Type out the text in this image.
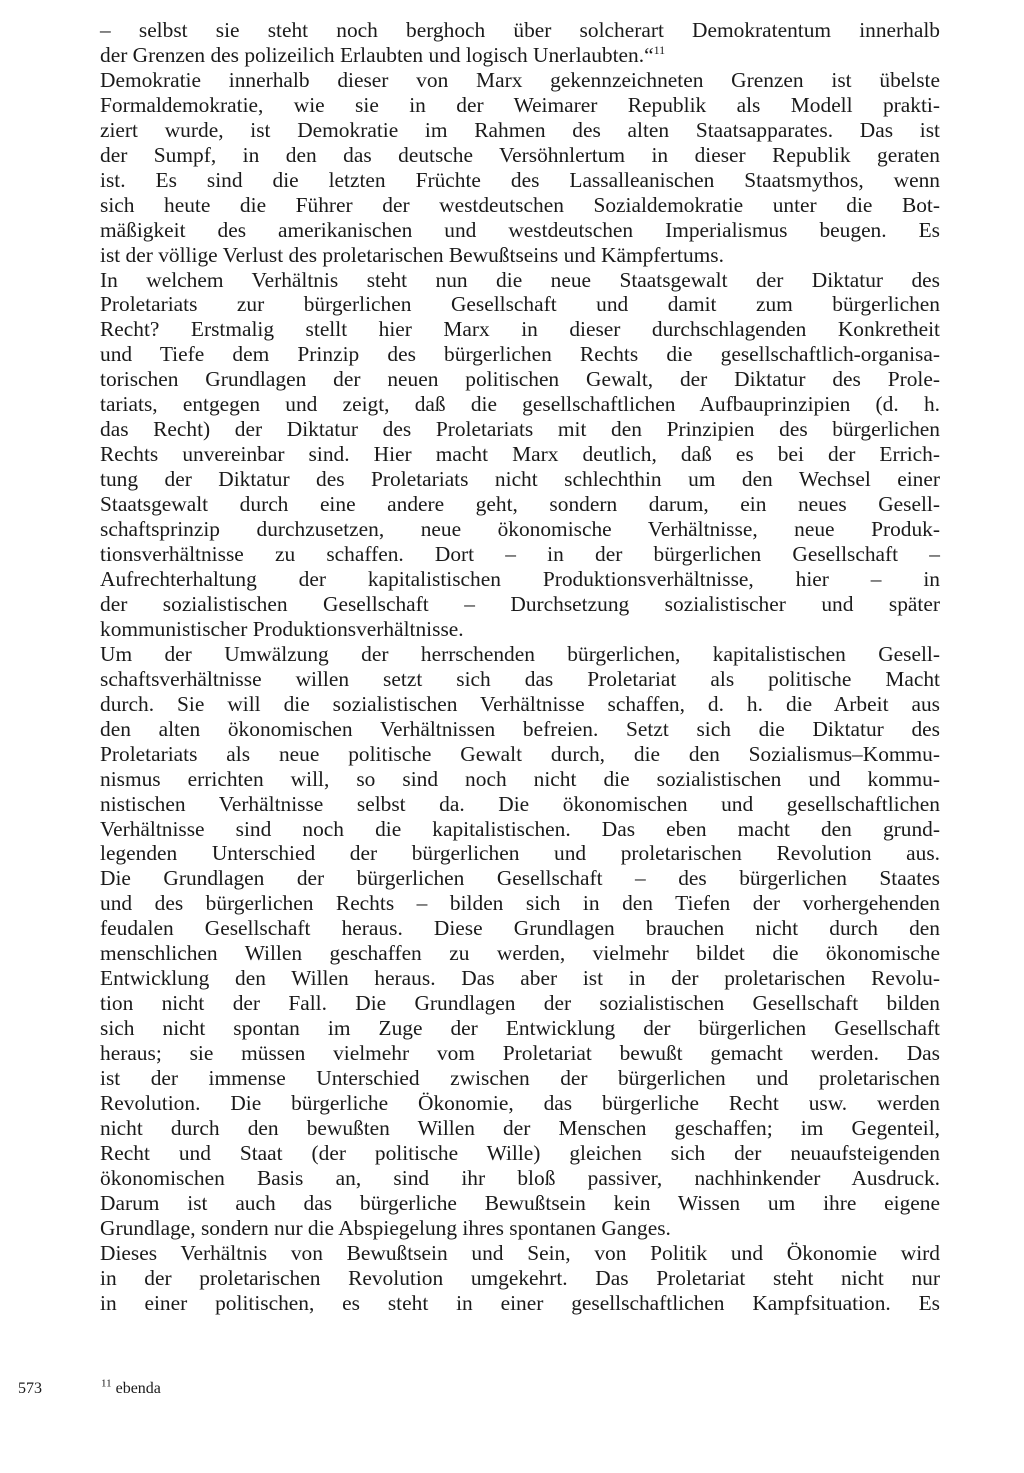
– selbst sie steht noch berghoch über solcherart Demokratentum innerhalb
der Grenzen des polizeilich Erlaubten und logisch Unerlaubten.“$^{11}$

Demokratie innerhalb dieser von Marx gekennzeichneten Grenzen ist übelste
Formaldemokratie, wie sie in der Weimarer Republik als Modell prakti-
ziert wurde, ist Demokratie im Rahmen des alten Staatsapparates. Das ist
der Sumpf, in den das deutsche Versöhnlertum in dieser Republik geraten
ist. Es sind die letzten Früchte des Lassalleanischen Staatsmythos, wenn
sich heute die Führer der westdeutschen Sozialdemokratie unter die Bot-
mäßigkeit des amerikanischen und westdeutschen Imperialismus beugen. Es
ist der völlige Verlust des proletarischen Bewußtseins und Kämpfertums.

In welchem Verhältnis steht nun die neue Staatsgewalt der Diktatur des
Proletariats zur bürgerlichen Gesellschaft und damit zum bürgerlichen
Recht? Erstmalig stellt hier Marx in dieser durchschlagenden Konkretheit
und Tiefe dem Prinzip des bürgerlichen Rechts die gesellschaftlich-organisa-
torischen Grundlagen der neuen politischen Gewalt, der Diktatur des Prole-
tariats, entgegen und zeigt, daß die gesellschaftlichen Aufbauprinzipien (d. h.
das Recht) der Diktatur des Proletariats mit den Prinzipien des bürgerlichen
Rechts unvereinbar sind. Hier macht Marx deutlich, daß es bei der Errich-
tung der Diktatur des Proletariats nicht schlechthin um den Wechsel einer
Staatsgewalt durch eine andere geht, sondern darum, ein neues Gesell-
schaftsprinzip durchzusetzen, neue ökonomische Verhältnisse, neue Produk-
tionsverhältnisse zu schaffen. Dort – in der bürgerlichen Gesellschaft –
Aufrechterhaltung der kapitalistischen Produktionsverhältnisse, hier – in
der sozialistischen Gesellschaft – Durchsetzung sozialistischer und später
kommunistischer Produktionsverhältnisse.

Um der Umwälzung der herrschenden bürgerlichen, kapitalistischen Gesell-
schaftsverhältnisse willen setzt sich das Proletariat als politische Macht
durch. Sie will die sozialistischen Verhältnisse schaffen, d. h. die Arbeit aus
den alten ökonomischen Verhältnissen befreien. Setzt sich die Diktatur des
Proletariats als neue politische Gewalt durch, die den Sozialismus–Kommu-
nismus errichten will, so sind noch nicht die sozialistischen und kommu-
nistischen Verhältnisse selbst da. Die ökonomischen und gesellschaftlichen
Verhältnisse sind noch die kapitalistischen. Das eben macht den grund-
legenden Unterschied der bürgerlichen und proletarischen Revolution aus.
Die Grundlagen der bürgerlichen Gesellschaft – des bürgerlichen Staates
und des bürgerlichen Rechts – bilden sich in den Tiefen der vorhergehenden
feudalen Gesellschaft heraus. Diese Grundlagen brauchen nicht durch den
menschlichen Willen geschaffen zu werden, vielmehr bildet die ökonomische
Entwicklung den Willen heraus. Das aber ist in der proletarischen Revolu-
tion nicht der Fall. Die Grundlagen der sozialistischen Gesellschaft bilden
sich nicht spontan im Zuge der Entwicklung der bürgerlichen Gesellschaft
heraus; sie müssen vielmehr vom Proletariat bewußt gemacht werden. Das
ist der immense Unterschied zwischen der bürgerlichen und proletarischen
Revolution. Die bürgerliche Ökonomie, das bürgerliche Recht usw. werden
nicht durch den bewußten Willen der Menschen geschaffen; im Gegenteil,
Recht und Staat (der politische Wille) gleichen sich der neuaufsteigenden
ökonomischen Basis an, sind ihr bloß passiver, nachhinkender Ausdruck.
Darum ist auch das bürgerliche Bewußtsein kein Wissen um ihre eigene
Grundlage, sondern nur die Abspiegelung ihres spontanen Ganges.

Dieses Verhältnis von Bewußtsein und Sein, von Politik und Ökonomie wird
in der proletarischen Revolution umgekehrt. Das Proletariat steht nicht nur
in einer politischen, es steht in einer gesellschaftlichen Kampfsituation. Es

573	$^{11}$ ebenda
